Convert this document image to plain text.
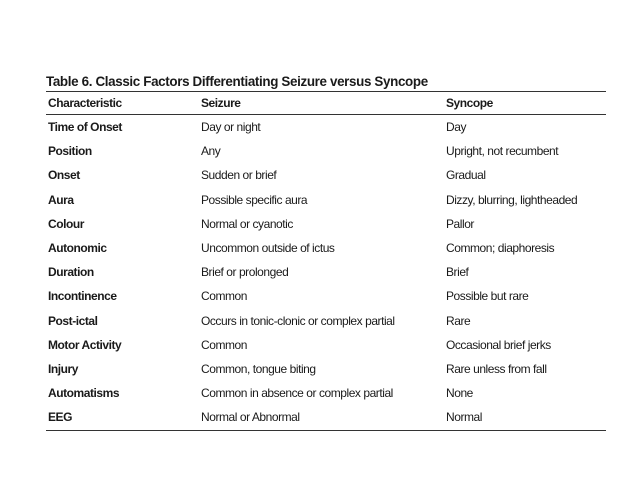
Table 6. Classic Factors Differentiating Seizure versus Syncope
Characteristic	Seizure	Syncope
Time of Onset	Day or night	Day
Position	Any	Upright, not recumbent
Onset	Sudden or brief	Gradual
Aura	Possible specific aura	Dizzy, blurring, lightheaded
Colour	Normal or cyanotic	Pallor
Autonomic	Uncommon outside of ictus	Common; diaphoresis
Duration	Brief or prolonged	Brief
Incontinence	Common	Possible but rare
Post-ictal	Occurs in tonic-clonic or complex partial	Rare
Motor Activity	Common	Occasional brief jerks
Injury	Common, tongue biting	Rare unless from fall
Automatisms	Common in absence or complex partial	None
EEG	Normal or Abnormal	Normal
